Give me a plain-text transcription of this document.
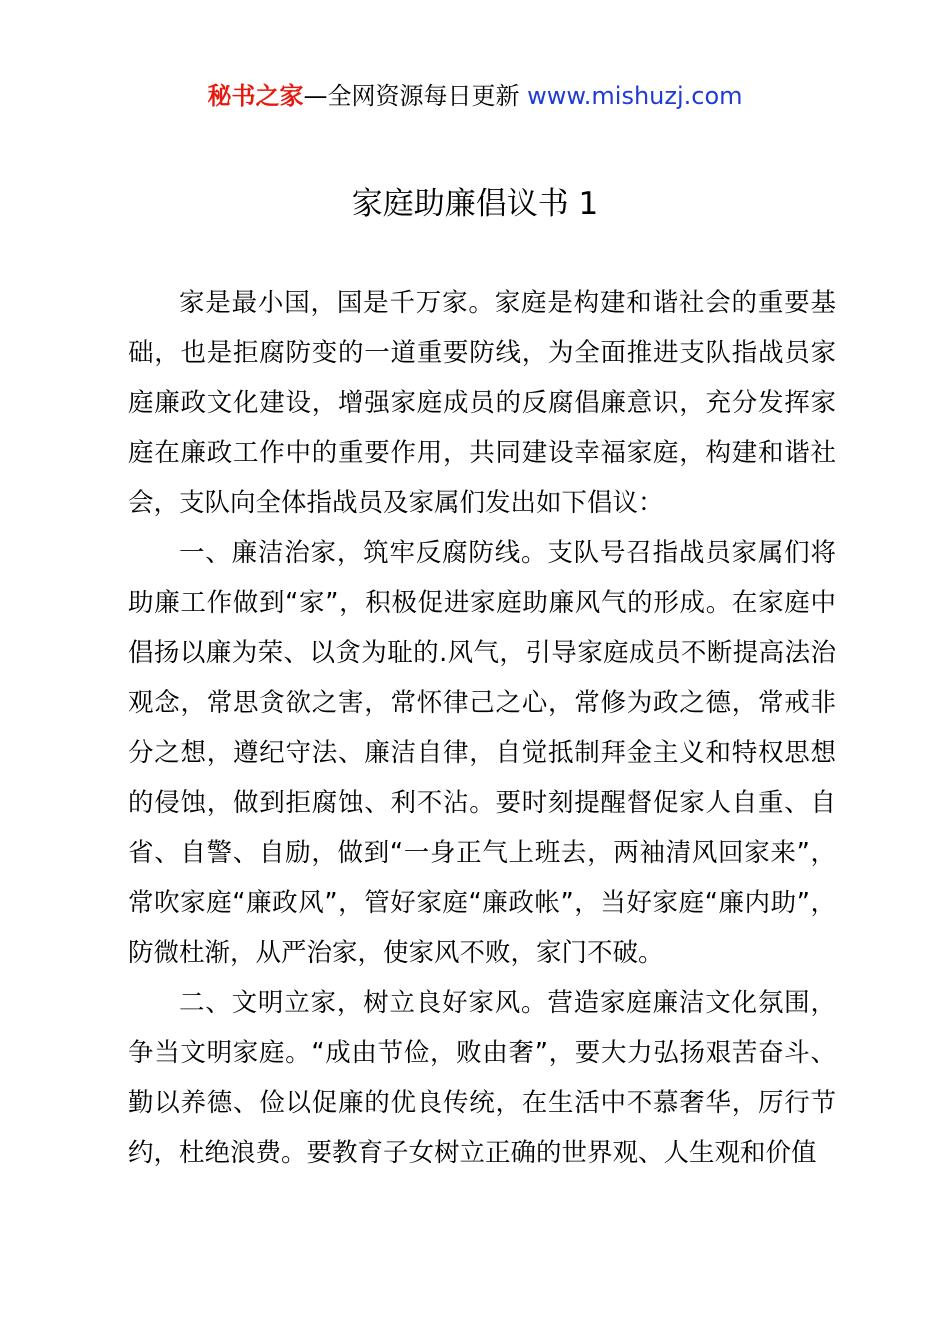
秘书之家—全网资源每日更新 www.mishuzj.com
家庭助廉倡议书 1

家是最小国，国是千万家。家庭是构建和谐社会的重要基础，也是拒腐防变的一道重要防线，为全面推进支队指战员家庭廉政文化建设，增强家庭成员的反腐倡廉意识，充分发挥家庭在廉政工作中的重要作用，共同建设幸福家庭，构建和谐社会，支队向全体指战员及家属们发出如下倡议：

一、廉洁治家，筑牢反腐防线。支队号召指战员家属们将助廉工作做到“家”，积极促进家庭助廉风气的形成。在家庭中倡扬以廉为荣、以贪为耻的.风气，引导家庭成员不断提高法治观念，常思贪欲之害，常怀律己之心，常修为政之德，常戒非分之想，遵纪守法、廉洁自律，自觉抵制拜金主义和特权思想的侵蚀，做到拒腐蚀、利不沾。要时刻提醒督促家人自重、自省、自警、自励，做到“一身正气上班去，两袖清风回家来”，常吹家庭“廉政风”，管好家庭“廉政帐”，当好家庭“廉内助”，防微杜渐，从严治家，使家风不败，家门不破。

二、文明立家，树立良好家风。营造家庭廉洁文化氛围，争当文明家庭。“成由节俭，败由奢”，要大力弘扬艰苦奋斗、勤以养德、俭以促廉的优良传统，在生活中不慕奢华，厉行节约，杜绝浪费。要教育子女树立正确的世界观、人生观和价值
